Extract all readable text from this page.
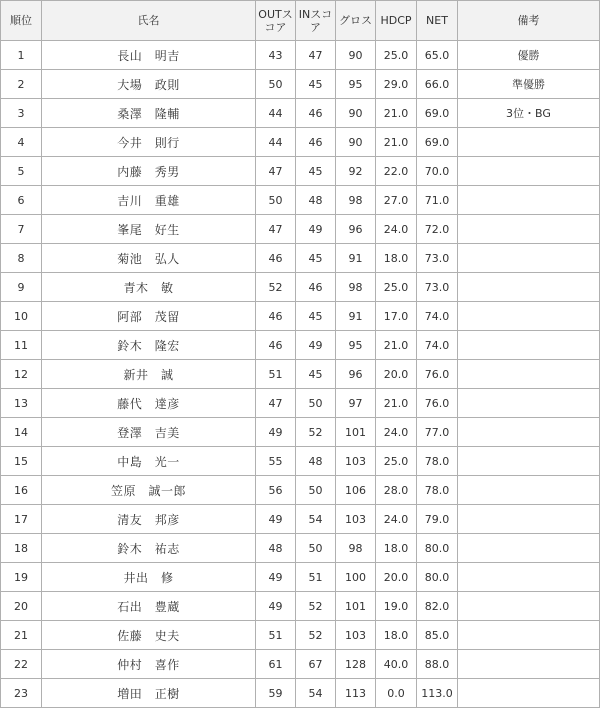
順位	氏名	OUTスコア	INスコア	グロス	HDCP	NET	備考
1	長山　明吉	43	47	90	25.0	65.0	優勝
2	大場　政則	50	45	95	29.0	66.0	準優勝
3	桑澤　隆輔	44	46	90	21.0	69.0	3位・BG
4	今井　則行	44	46	90	21.0	69.0	
5	内藤　秀男	47	45	92	22.0	70.0	
6	吉川　重雄	50	48	98	27.0	71.0	
7	峯尾　好生	47	49	96	24.0	72.0	
8	菊池　弘人	46	45	91	18.0	73.0	
9	青木　敏	52	46	98	25.0	73.0	
10	阿部　茂留	46	45	91	17.0	74.0	
11	鈴木　隆宏	46	49	95	21.0	74.0	
12	新井　誠	51	45	96	20.0	76.0	
13	藤代　達彦	47	50	97	21.0	76.0	
14	登澤　吉美	49	52	101	24.0	77.0	
15	中島　光一	55	48	103	25.0	78.0	
16	笠原　誠一郎	56	50	106	28.0	78.0	
17	清友　邦彦	49	54	103	24.0	79.0	
18	鈴木　祐志	48	50	98	18.0	80.0	
19	井出　修	49	51	100	20.0	80.0	
20	石出　豊蔵	49	52	101	19.0	82.0	
21	佐藤　史夫	51	52	103	18.0	85.0	
22	仲村　喜作	61	67	128	40.0	88.0	
23	増田　正樹	59	54	113	0.0	113.0	
